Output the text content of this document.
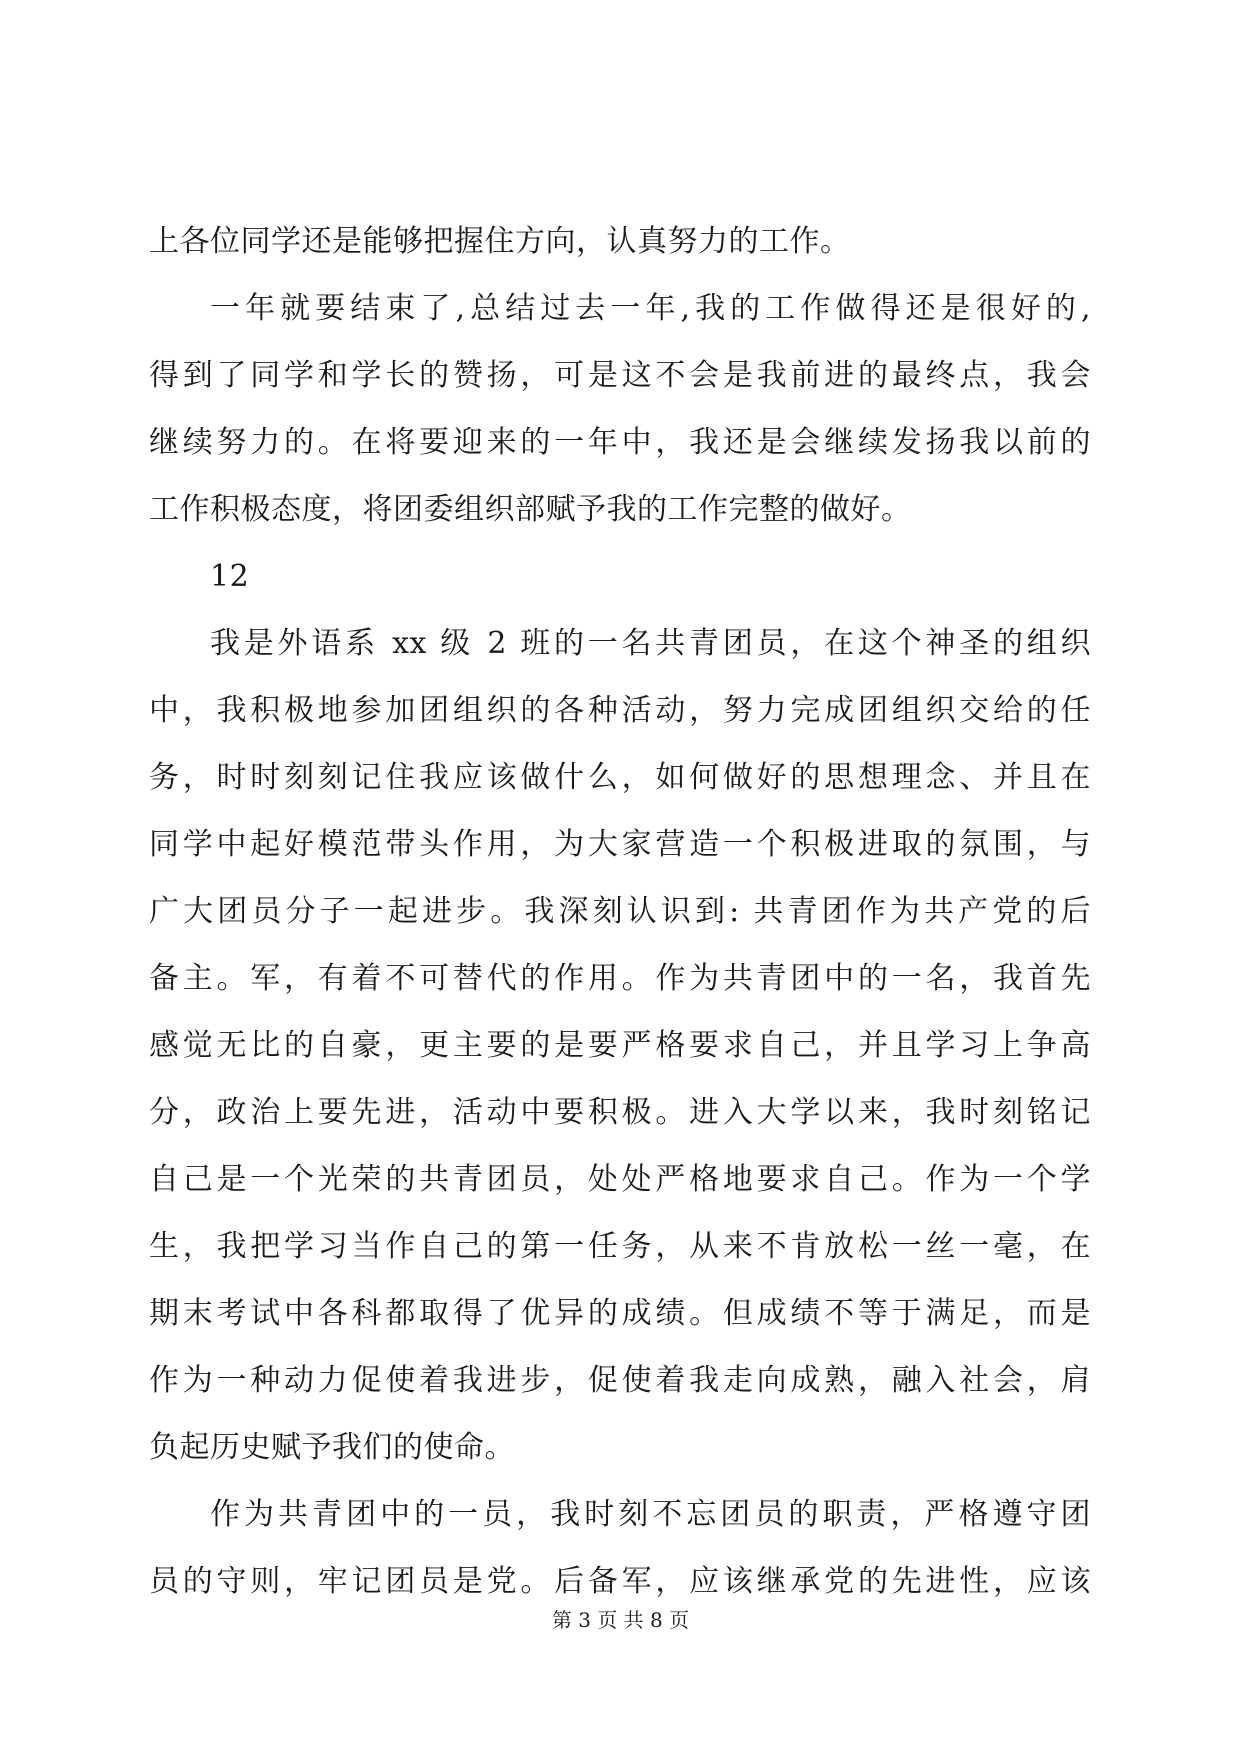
上各位同学还是能够把握住方向，认真努力的工作。
一年就要结束了,总结过去一年,我的工作做得还是很好的,
得到了同学和学长的赞扬，可是这不会是我前进的最终点，我会
继续努力的。在将要迎来的一年中，我还是会继续发扬我以前的
工作积极态度，将团委组织部赋予我的工作完整的做好。
12
我是外语系 xx 级 2 班的一名共青团员，在这个神圣的组织
中，我积极地参加团组织的各种活动，努力完成团组织交给的任
务，时时刻刻记住我应该做什么，如何做好的思想理念、并且在
同学中起好模范带头作用，为大家营造一个积极进取的氛围，与
广大团员分子一起进步。我深刻认识到: 共青团作为共产党的后
备主。军，有着不可替代的作用。作为共青团中的一名，我首先
感觉无比的自豪，更主要的是要严格要求自己，并且学习上争高
分，政治上要先进，活动中要积极。进入大学以来，我时刻铭记
自己是一个光荣的共青团员，处处严格地要求自己。作为一个学
生，我把学习当作自己的第一任务，从来不肯放松一丝一毫，在
期末考试中各科都取得了优异的成绩。但成绩不等于满足，而是
作为一种动力促使着我进步，促使着我走向成熟，融入社会，肩
负起历史赋予我们的使命。
作为共青团中的一员，我时刻不忘团员的职责，严格遵守团
员的守则，牢记团员是党。后备军，应该继承党的先进性，应该
第 3 页 共 8 页
